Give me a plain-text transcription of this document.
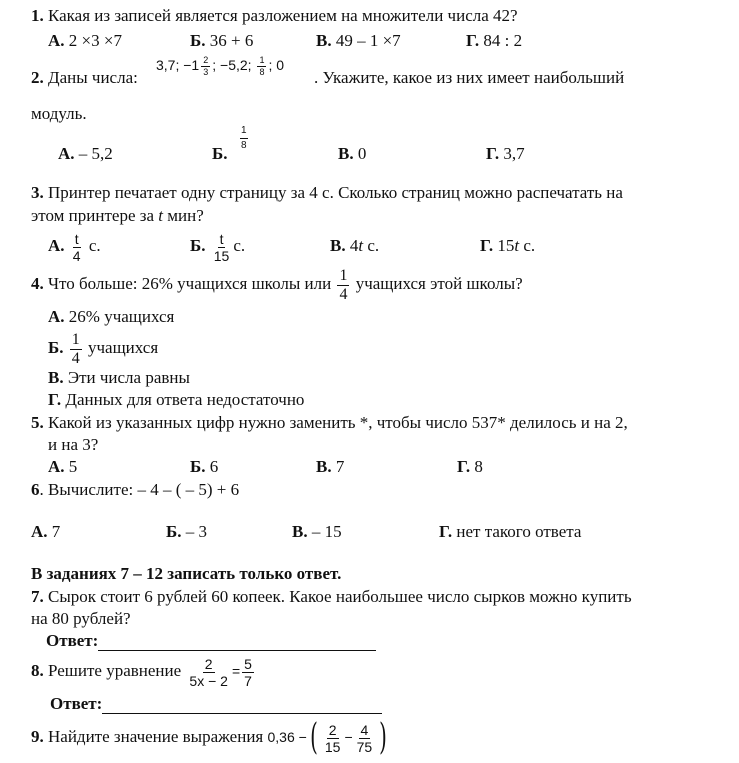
1. Какая из записей является разложением на множители числа 42?
А. 2 ×3 ×7	Б. 36 + 6	В. 49 – 1 ×7	Г. 84 : 2
2. Даны числа:
3,7; $-1 \frac{2}{3}$ ; −5,2; $\frac{1}{8}$ ; 0
. Укажите, какое из них имеет наибольший
модуль.
А. – 5,2	Б.
$\frac{1}{8}$
В. 0	Г. 3,7
3. Принтер печатает одну страницу за 4 с. Сколько страниц можно распечатать на
этом принтере за t мин?
А. $\frac{t}{4} с$.	Б. $\frac{t}{15} с$.	В. 4t с.	Г. 15t с.
4. Что больше: 26% учащихся школы или $\frac{1}{4}$ учащихся этой школы?
А. 26% учащихся
Б. $\frac{1}{4}$ учащихся
В. Эти числа равны
Г. Данных для ответа недостаточно
5. Какой из указанных цифр нужно заменить *, чтобы число 537* делилось и на 2,
и на 3?
А. 5	Б. 6	В. 7	Г. 8
6. Вычислите: – 4 – ( – 5) + 6
А. 7	Б. – 3	В. – 15	Г. нет такого ответа
В заданиях 7 – 12 записать только ответ.
7. Сырок стоит 6 рублей 60 копеек. Какое наибольшее число сырков можно купить
на 80 рублей?
Ответ:
8. Решите уравнение $\frac{2}{5x - 2} = \frac{5}{7}$
Ответ:
9. Найдите значение выражения 0,36 −( $\frac{2}{15} - \frac{4}{75}$ )
